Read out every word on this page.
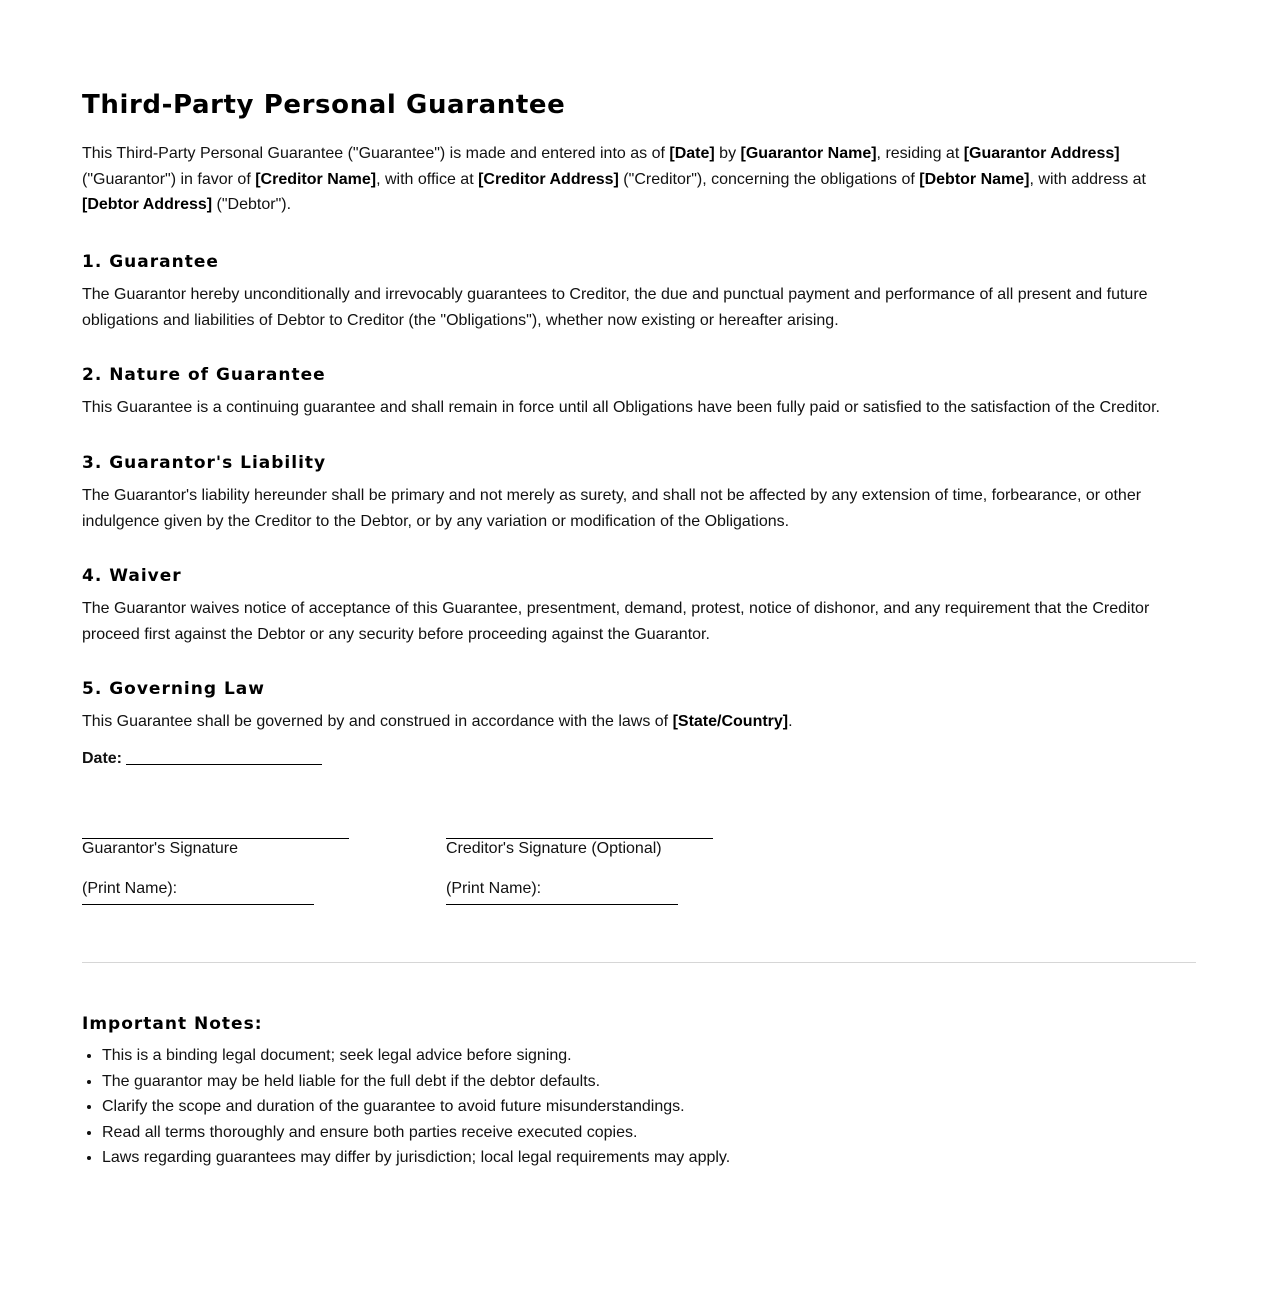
Third-Party Personal Guarantee

This Third-Party Personal Guarantee ("Guarantee") is made and entered into as of [Date] by [Guarantor Name], residing at [Guarantor Address] ("Guarantor") in favor of [Creditor Name], with office at [Creditor Address] ("Creditor"), concerning the obligations of [Debtor Name], with address at [Debtor Address] ("Debtor").

1. Guarantee

The Guarantor hereby unconditionally and irrevocably guarantees to Creditor, the due and punctual payment and performance of all present and future obligations and liabilities of Debtor to Creditor (the "Obligations"), whether now existing or hereafter arising.

2. Nature of Guarantee

This Guarantee is a continuing guarantee and shall remain in force until all Obligations have been fully paid or satisfied to the satisfaction of the Creditor.

3. Guarantor's Liability

The Guarantor's liability hereunder shall be primary and not merely as surety, and shall not be affected by any extension of time, forbearance, or other indulgence given by the Creditor to the Debtor, or by any variation or modification of the Obligations.

4. Waiver

The Guarantor waives notice of acceptance of this Guarantee, presentment, demand, protest, notice of dishonor, and any requirement that the Creditor proceed first against the Debtor or any security before proceeding against the Guarantor.

5. Governing Law

This Guarantee shall be governed by and construed in accordance with the laws of [State/Country].

Date:
Guarantor's Signature
(Print Name):
Creditor's Signature (Optional)
(Print Name):
Important Notes:
• This is a binding legal document; seek legal advice before signing.
• The guarantor may be held liable for the full debt if the debtor defaults.
• Clarify the scope and duration of the guarantee to avoid future misunderstandings.
• Read all terms thoroughly and ensure both parties receive executed copies.
• Laws regarding guarantees may differ by jurisdiction; local legal requirements may apply.
